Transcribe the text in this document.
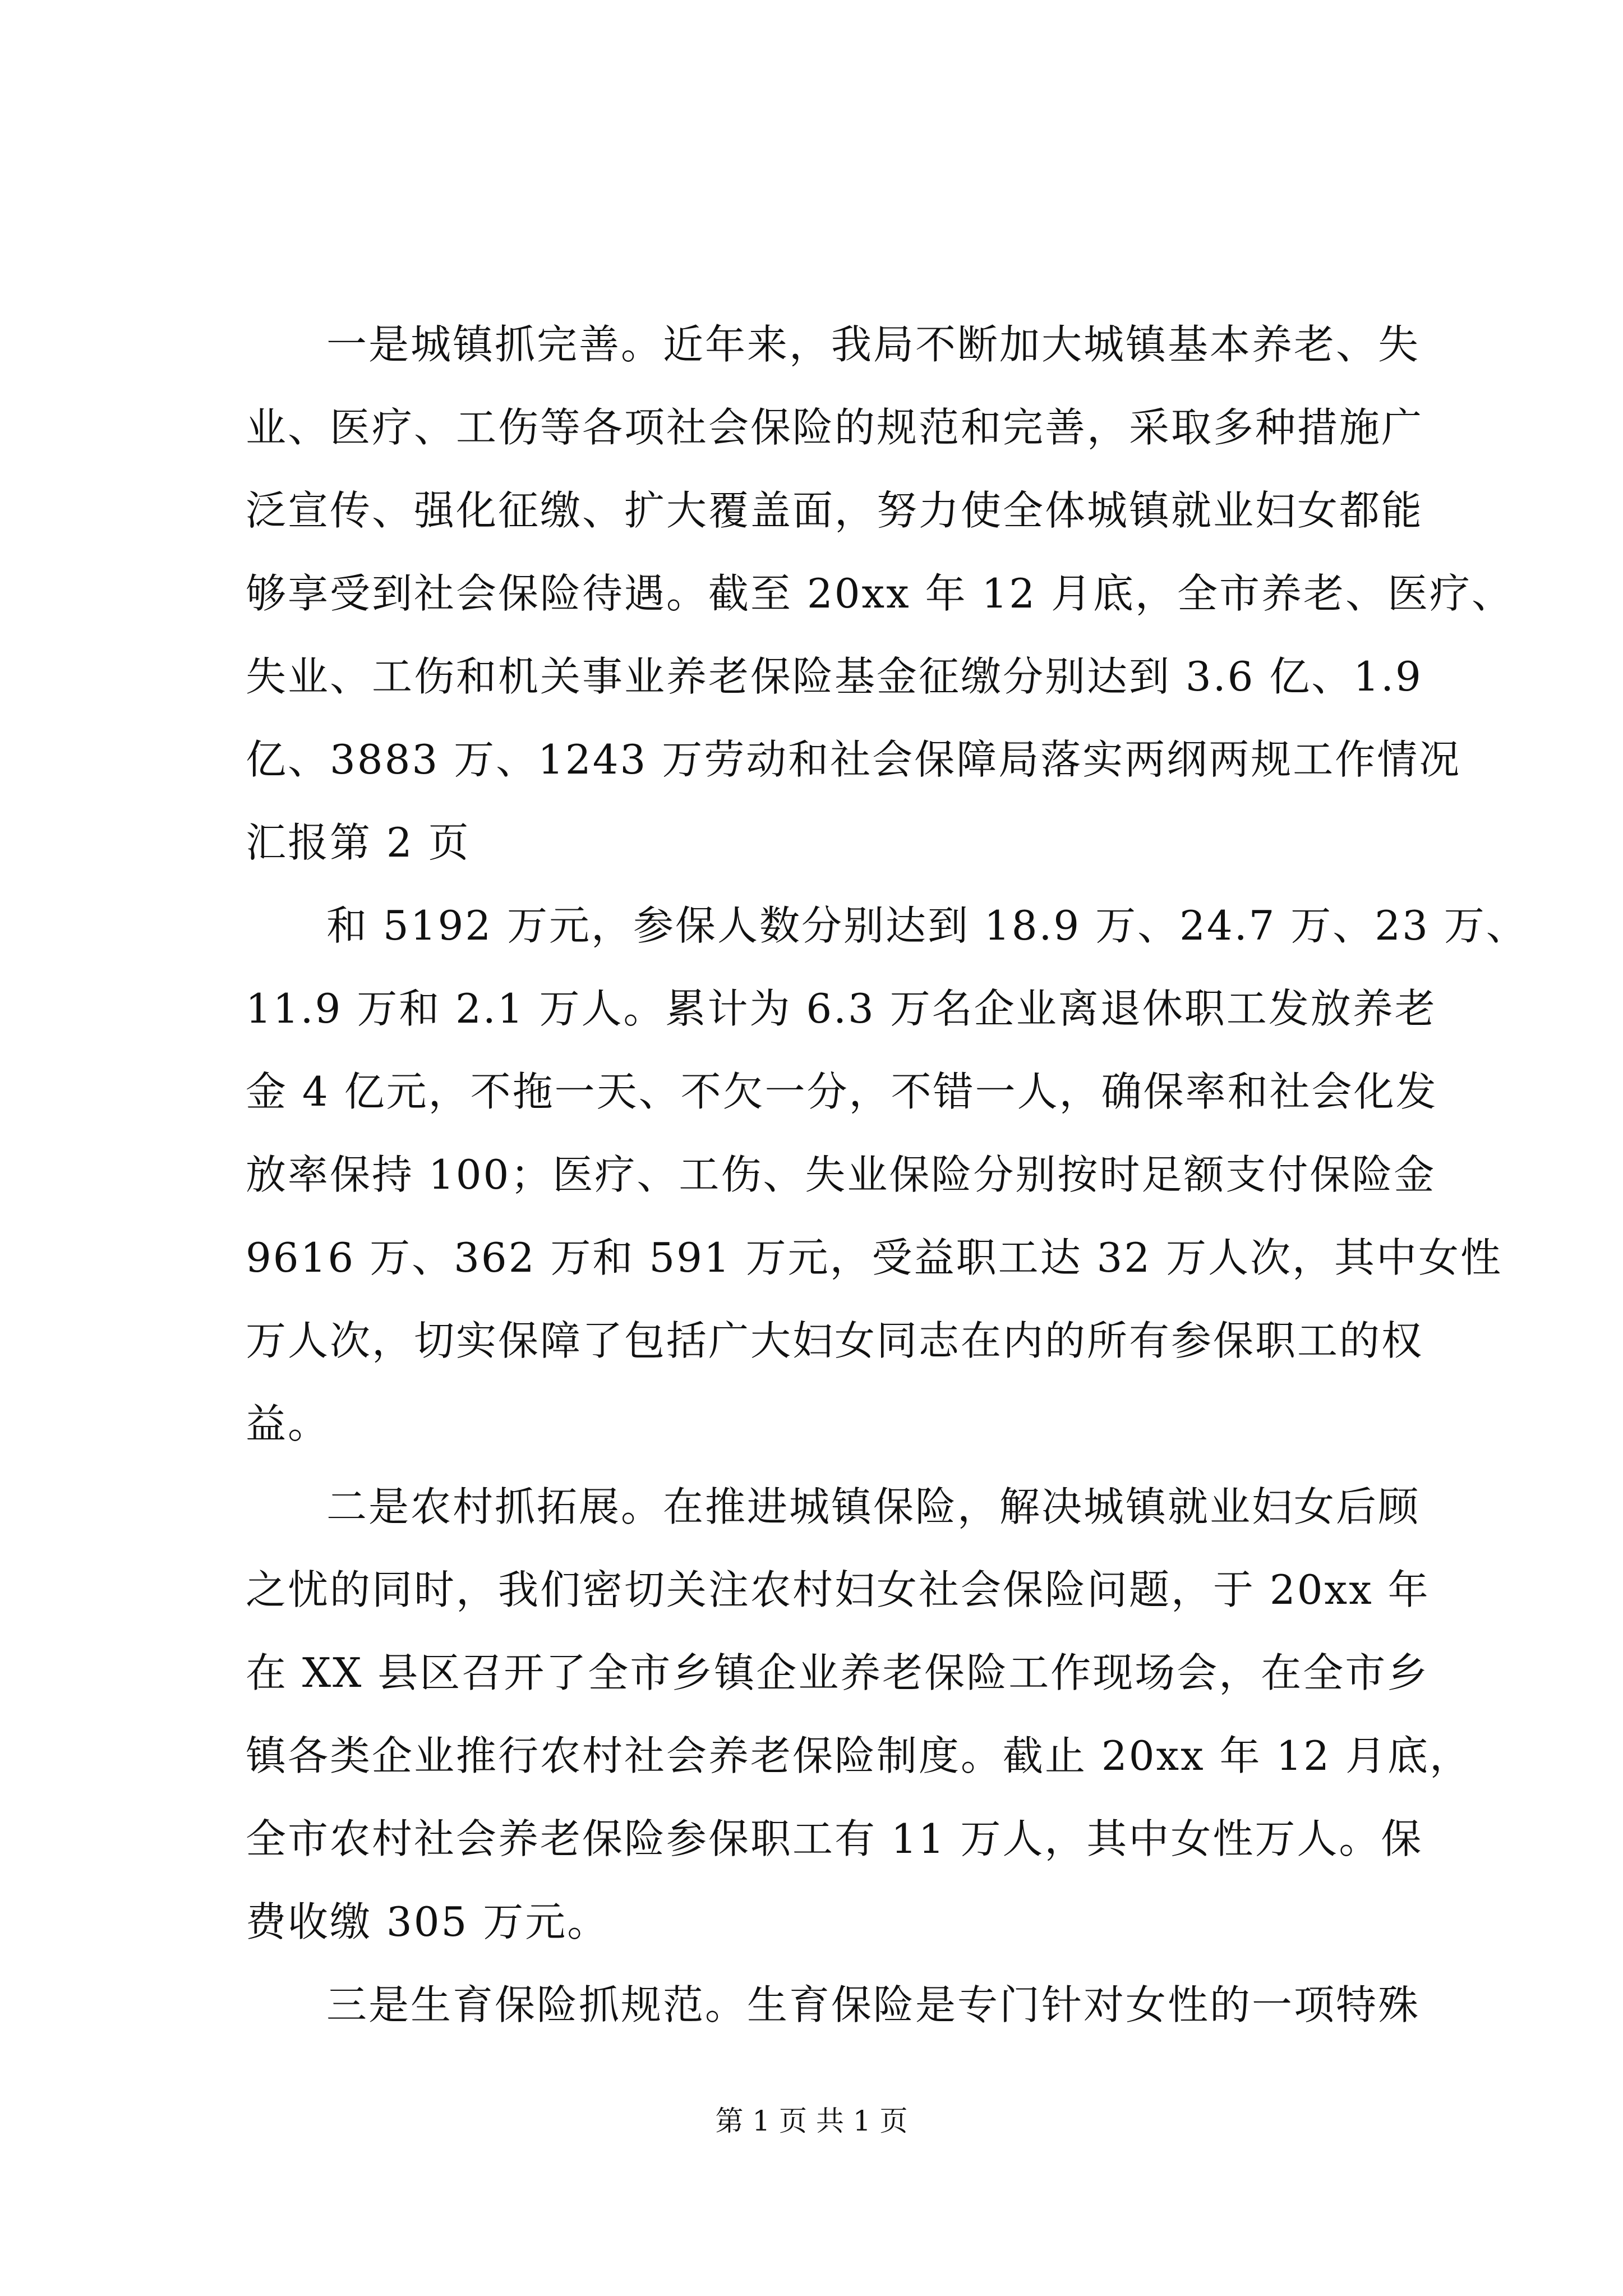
一是城镇抓完善。近年来，我局不断加大城镇基本养老、失
业、医疗、工伤等各项社会保险的规范和完善，采取多种措施广
泛宣传、强化征缴、扩大覆盖面，努力使全体城镇就业妇女都能
够享受到社会保险待遇。截至 20xx 年 12 月底，全市养老、医疗、
失业、工伤和机关事业养老保险基金征缴分别达到 3.6 亿、1.9
亿、3883 万、1243 万劳动和社会保障局落实两纲两规工作情况
汇报第 2 页
和 5192 万元，参保人数分别达到 18.9 万、24.7 万、23 万、
11.9 万和 2.1 万人。累计为 6.3 万名企业离退休职工发放养老
金 4 亿元，不拖一天、不欠一分，不错一人，确保率和社会化发
放率保持 100；医疗、工伤、失业保险分别按时足额支付保险金
9616 万、362 万和 591 万元，受益职工达 32 万人次，其中女性
万人次，切实保障了包括广大妇女同志在内的所有参保职工的权
益。
二是农村抓拓展。在推进城镇保险，解决城镇就业妇女后顾
之忧的同时，我们密切关注农村妇女社会保险问题，于 20xx 年
在 XX 县区召开了全市乡镇企业养老保险工作现场会，在全市乡
镇各类企业推行农村社会养老保险制度。截止 20xx 年 12 月底，
全市农村社会养老保险参保职工有 11 万人，其中女性万人。保
费收缴 305 万元。
三是生育保险抓规范。生育保险是专门针对女性的一项特殊
第 1 页 共 1 页
